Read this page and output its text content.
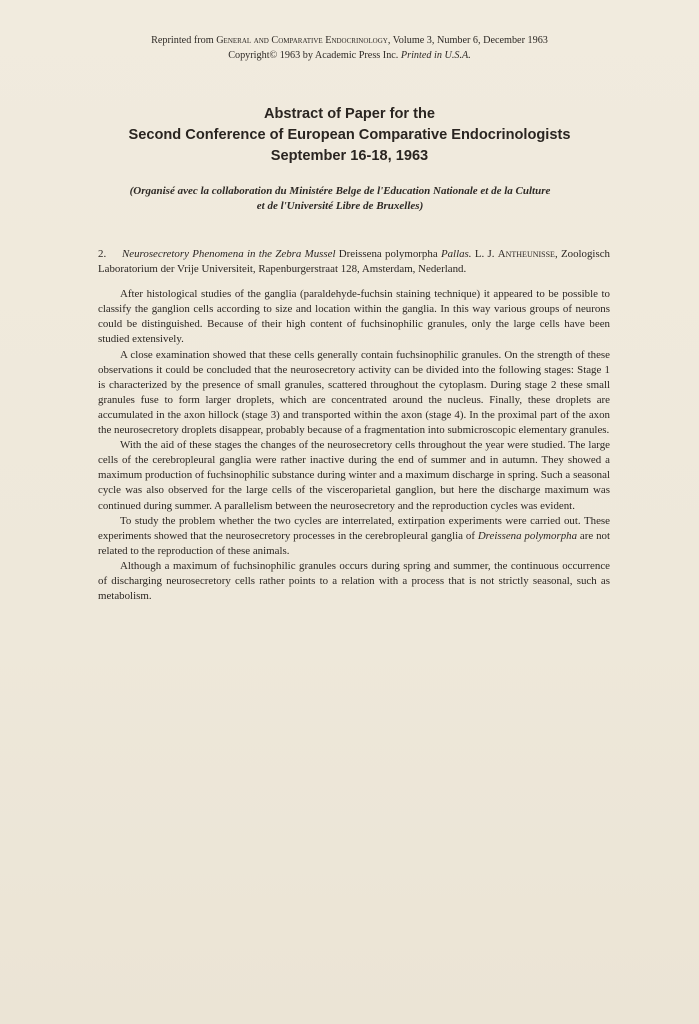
Reprinted from General and Comparative Endocrinology, Volume 3, Number 6, December 1963
Copyright© 1963 by Academic Press Inc. Printed in U.S.A.
Abstract of Paper for the
Second Conference of European Comparative Endocrinologists
September 16-18, 1963
(Organisé avec la collaboration du Ministére Belge de l'Education Nationale et de la Culture
et de l'Université Libre de Bruxelles)

2. Neurosecretory Phenomena in the Zebra Mussel Dreissena polymorpha Pallas. L. J. Antheunisse, Zoologisch Laboratorium der Vrije Universiteit, Rapenburgerstraat 128, Amsterdam, Nederland.

After histological studies of the ganglia (paraldehyde-fuchsin staining technique) it appeared to be possible to classify the ganglion cells according to size and location within the ganglia. In this way various groups of neurons could be distinguished. Because of their high content of fuchsinophilic granules, only the large cells have been studied extensively.

A close examination showed that these cells generally contain fuchsinophilic granules. On the strength of these observations it could be concluded that the neurosecretory activity can be divided into the following stages: Stage 1 is characterized by the presence of small granules, scattered throughout the cytoplasm. During stage 2 these small granules fuse to form larger droplets, which are concentrated around the nucleus. Finally, these droplets are accumulated in the axon hillock (stage 3) and transported within the axon (stage 4). In the proximal part of the axon the neurosecretory droplets disappear, probably because of a fragmentation into submicroscopic elementary granules.

With the aid of these stages the changes of the neurosecretory cells throughout the year were studied. The large cells of the cerebropleural ganglia were rather inactive during the end of summer and in autumn. They showed a maximum production of fuchsinophilic substance during winter and a maximum discharge in spring. Such a seasonal cycle was also observed for the large cells of the visceroparietal ganglion, but here the discharge maximum was continued during summer. A parallelism between the neurosecretory and the reproduction cycles was evident.

To study the problem whether the two cycles are interrelated, extirpation experiments were carried out. These experiments showed that the neurosecretory processes in the cerebropleural ganglia of Dreissena polymorpha are not related to the reproduction of these animals.

Although a maximum of fuchsinophilic granules occurs during spring and summer, the continuous occurrence of discharging neurosecretory cells rather points to a relation with a process that is not strictly seasonal, such as metabolism.
